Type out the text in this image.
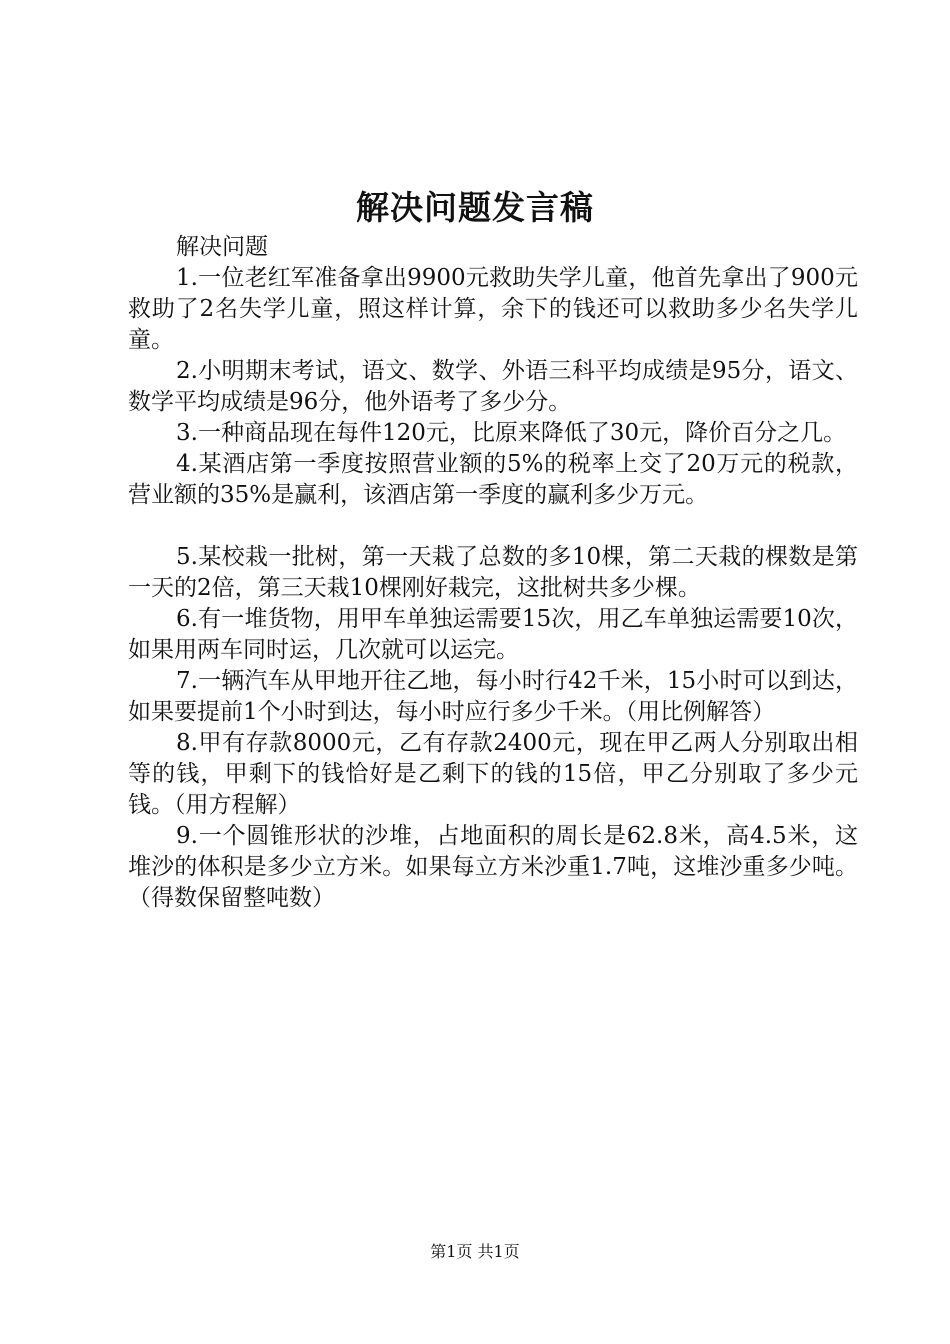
解决问题发言稿

解决问题

1.一位老红军准备拿出9900元救助失学儿童，他首先拿出了900元救助了2名失学儿童，照这样计算，余下的钱还可以救助多少名失学儿童。

2.小明期末考试，语文、数学、外语三科平均成绩是95分，语文、数学平均成绩是96分，他外语考了多少分。

3.一种商品现在每件120元，比原来降低了30元，降价百分之几。

4.某酒店第一季度按照营业额的5%的税率上交了20万元的税款，营业额的35%是赢利，该酒店第一季度的赢利多少万元。

5.某校栽一批树，第一天栽了总数的多10棵，第二天栽的棵数是第一天的2倍，第三天栽10棵刚好栽完，这批树共多少棵。

6.有一堆货物，用甲车单独运需要15次，用乙车单独运需要10次，如果用两车同时运，几次就可以运完。

7.一辆汽车从甲地开往乙地，每小时行42千米，15小时可以到达，如果要提前1个小时到达，每小时应行多少千米。（用比例解答）

8.甲有存款8000元，乙有存款2400元，现在甲乙两人分别取出相等的钱，甲剩下的钱恰好是乙剩下的钱的15倍，甲乙分别取了多少元钱。（用方程解）

9.一个圆锥形状的沙堆，占地面积的周长是62.8米，高4.5米，这堆沙的体积是多少立方米。如果每立方米沙重1.7吨，这堆沙重多少吨。（得数保留整吨数）

第1页 共1页
